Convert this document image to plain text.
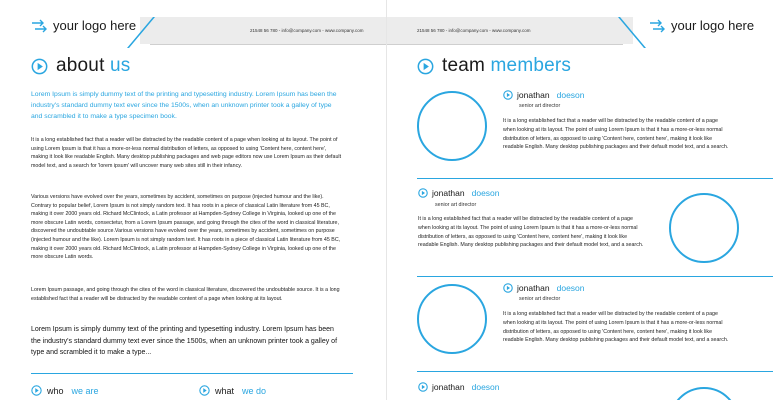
your logo here	21548 56 780 - info@company.com - www.company.com
about us
Lorem Ipsum is simply dummy text of the printing and typesetting industry. Lorem Ipsum has been the industry's standard dummy text ever since the 1500s, when an unknown printer took a galley of type and scrambled it to make a type specimen book.
It is a long established fact that a reader will be distracted by the readable content of a page when looking at its layout. The point of using Lorem Ipsum is that it has a more-or-less normal distribution of letters, as opposed to using 'Content here, content here', making it look like readable English. Many desktop publishing packages and web page editors now use Lorem Ipsum as their default model text, and a search for 'lorem ipsum' will uncover many web sites still in their infancy.
Various versions have evolved over the years, sometimes by accident, sometimes on purpose (injected humour and the like). Contrary to popular belief, Lorem Ipsum is not simply random text. It has roots in a piece of classical Latin literature from 45 BC, making it over 2000 years old. Richard McClintock, a Latin professor at Hampden-Sydney College in Virginia, looked up one of the more obscure Latin words, consectetur, from a Lorem Ipsum passage, and going through the cites of the word in classical literature, discovered the undoubtable source.Various versions have evolved over the years, sometimes by accident, sometimes on purpose (injected humour and the like). Lorem Ipsum is not simply random text. It has roots in a piece of classical Latin literature from 45 BC, making it over 2000 years old. Richard McClintock, a Latin professor at Hampden-Sydney College in Virginia, looked up one of the more obscure Latin words.
Lorem Ipsum passage, and going through the cites of the word in classical literature, discovered the undoubtable source. It is a long established fact that a reader will be distracted by the readable content of a page when looking at its layout.
Lorem Ipsum is simply dummy text of the printing and typesetting industry. Lorem Ipsum has been the industry's standard dummy text ever since the 1500s, when an unknown printer took a galley of type and scrambled it to make a type...
who we are	what we do
21548 56 780 - info@company.com - www.company.com	your logo here
team members
jonathan doeson
senior art director
It is a long established fact that a reader will be distracted by the readable content of a page when looking at its layout. The point of using Lorem Ipsum is that it has a more-or-less normal distribution of letters, as opposed to using 'Content here, content here', making it look like readable English. Many desktop publishing packages and their default model text, and a search.
jonathan doeson
senior art director
It is a long established fact that a reader will be distracted by the readable content of a page when looking at its layout. The point of using Lorem Ipsum is that it has a more-or-less normal distribution of letters, as opposed to using 'Content here, content here', making it look like readable English. Many desktop publishing packages and their default model text, and a search.
jonathan doeson
senior art director
It is a long established fact that a reader will be distracted by the readable content of a page when looking at its layout. The point of using Lorem Ipsum is that it has a more-or-less normal distribution of letters, as opposed to using 'Content here, content here', making it look like readable English. Many desktop publishing packages and their default model text, and a search.
jonathan doeson
